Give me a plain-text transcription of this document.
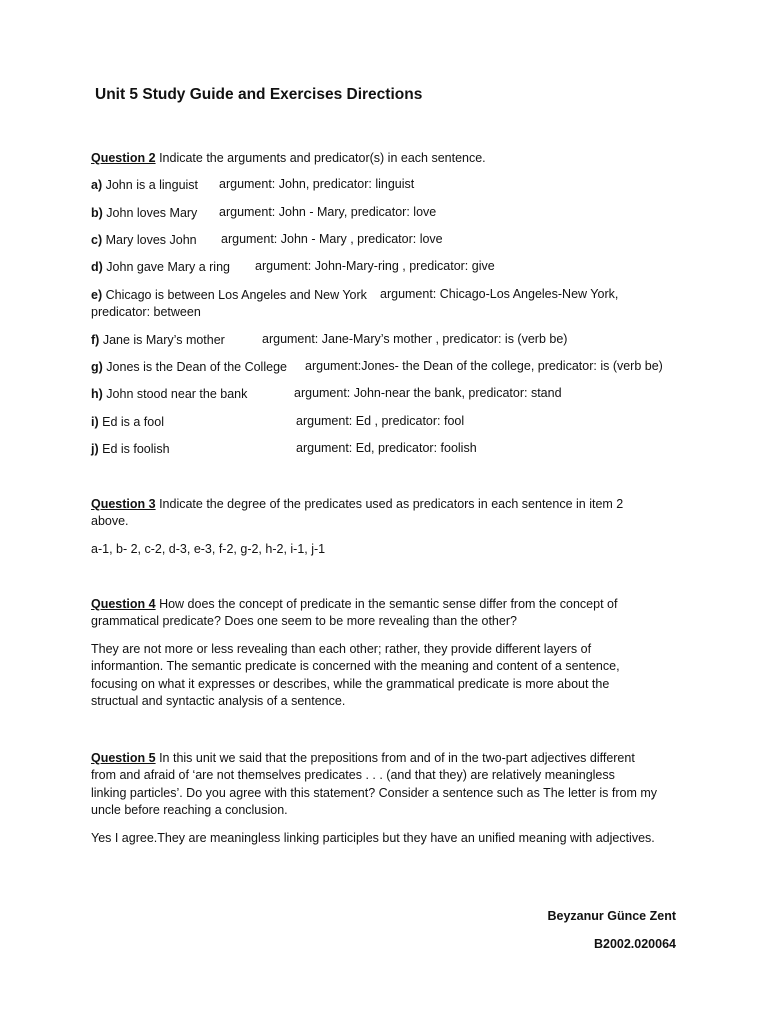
Unit 5 Study Guide and Exercises Directions
Question 2 Indicate the arguments and predicator(s) in each sentence.
a) John is a linguist argument: John, predicator: linguist
b) John loves Mary argument: John - Mary, predicator: love
c) Mary loves John argument: John - Mary , predicator: love
d) John gave Mary a ring argument: John-Mary-ring , predicator: give
e) Chicago is between Los Angeles and New York argument: Chicago-Los Angeles-New York,
predicator: between
f) Jane is Mary’s mother	argument: Jane-Mary’s mother , predicator: is (verb be)
g) Jones is the Dean of the College argument:Jones- the Dean of the college, predicator: is (verb be)
h) John stood near the bank	argument: John-near the bank, predicator: stand
i) Ed is a fool	argument: Ed , predicator: fool
j) Ed is foolish	argument: Ed, predicator: foolish
Question 3 Indicate the degree of the predicates used as predicators in each sentence in item 2
above.
a-1, b- 2, c-2, d-3, e-3, f-2, g-2, h-2, i-1, j-1
Question 4 How does the concept of predicate in the semantic sense differ from the concept of
grammatical predicate? Does one seem to be more revealing than the other?
They are not more or less revealing than each other; rather, they provide different layers of
informantion. The semantic predicate is concerned with the meaning and content of a sentence,
focusing on what it expresses or describes, while the grammatical predicate is more about the
structual and syntactic analysis of a sentence.
Question 5 In this unit we said that the prepositions from and of in the two-part adjectives different
from and afraid of ‘are not themselves predicates . . . (and that they) are relatively meaningless
linking particles’. Do you agree with this statement? Consider a sentence such as The letter is from my
uncle before reaching a conclusion.
Yes I agree.They are meaningless linking participles but they have an unified meaning with adjectives.
Beyzanur Günce Zent
B2002.020064
